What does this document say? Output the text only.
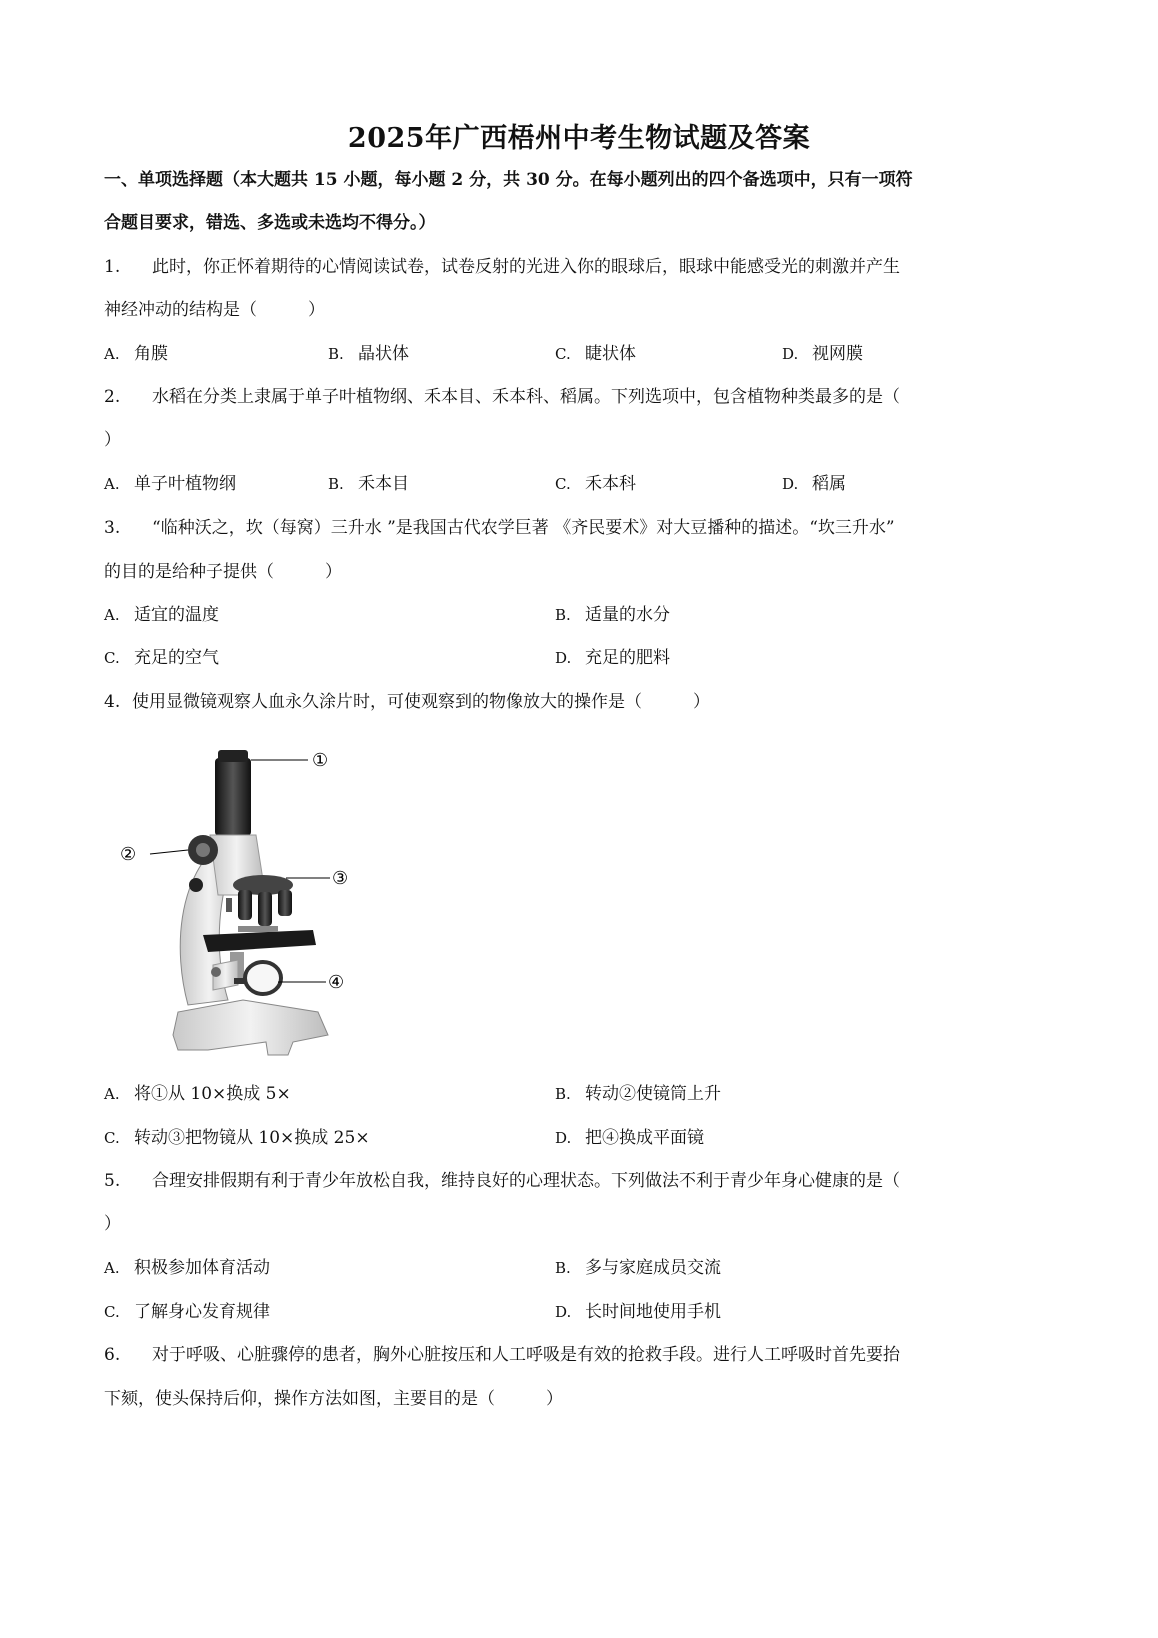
2025年广西梧州中考生物试题及答案
一、单项选择题（本大题共 15 小题，每小题 2 分，共 30 分。在每小题列出的四个备选项中，只有一项符
合题目要求，错选、多选或未选均不得分。）
1. 此时，你正怀着期待的心情阅读试卷，试卷反射的光进入你的眼球后，眼球中能感受光的刺激并产生
神经冲动的结构是（　　　）
A. 角膜	B. 晶状体	C. 睫状体	D. 视网膜
2. 水稻在分类上隶属于单子叶植物纲、禾本目、禾本科、稻属。下列选项中，包含植物种类最多的是（
）
A. 单子叶植物纲	B. 禾本目	C. 禾本科	D. 稻属
3. “临种沃之，坎（每窝）三升水 ”是我国古代农学巨著 《齐民要术》对大豆播种的描述。“坎三升水”
的目的是给种子提供（　　　）
A. 适宜的温度	B. 适量的水分
C. 充足的空气	D. 充足的肥料
4. 使用显微镜观察人血永久涂片时，可使观察到的物像放大的操作是（　　　）
①
②
③
④
A. 将①从 10×换成 5×	B. 转动②使镜筒上升
C. 转动③把物镜从 10×换成 25×	D. 把④换成平面镜
5. 合理安排假期有利于青少年放松自我，维持良好的心理状态。下列做法不利于青少年身心健康的是（
）
A. 积极参加体育活动	B. 多与家庭成员交流
C. 了解身心发育规律	D. 长时间地使用手机
6. 对于呼吸、心脏骤停的患者，胸外心脏按压和人工呼吸是有效的抢救手段。进行人工呼吸时首先要抬
下颏，使头保持后仰，操作方法如图，主要目的是（　　　）
